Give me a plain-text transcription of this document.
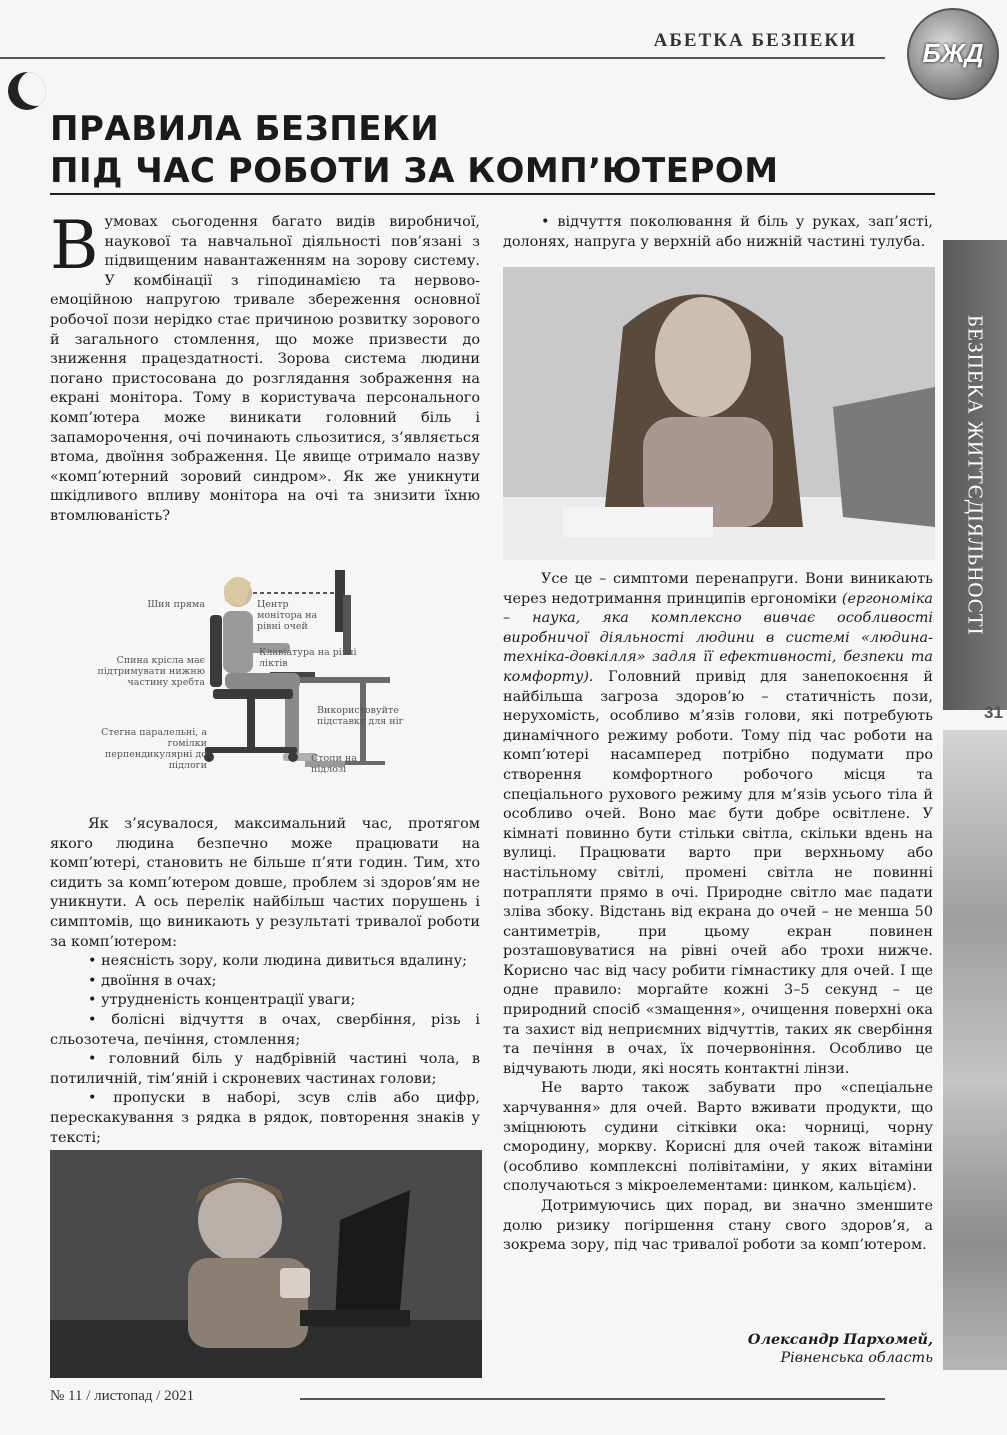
АБЕТКА БЕЗПЕКИ	БЖД
БЕЗПЕКА ЖИТТЄДІЯЛЬНОСТІ
31
ПРАВИЛА БЕЗПЕКИ
ПІД ЧАС РОБОТИ ЗА КОМП’ЮТЕРОМ
В умовах сьогодення багато видів виробничої, наукової та навчальної діяльності пов’язані з підвищеним навантаженням на зорову систему. У комбінації з гіподинамією та нервово-емоційною напругою тривале збереження основної робочої пози нерідко стає причиною розвитку зорового й загального стомлення, що може призвести до зниження працездатності. Зорова система людини погано пристосована до розглядання зображення на екрані монітора. Тому в користувача персонального комп’ютера може виникати головний біль і запаморочення, очі починають сльозитися, з’являється втома, двоїння зображення. Це явище отримало назву «комп’ютерний зоровий синдром». Як же уникнути шкідливого впливу монітора на очі та знизити їхню втомлюваність?
Шия пряма	Центр монітора на рівні очей
Клавіатура на рівні ліктів
Спина крісла має підтримувати нижню частину хребта
Використовуйте підставку для ніг
Стегна паралельні, а гомілки перпендикулярні до підлоги
Стопи на підлозі

Як з’ясувалося, максимальний час, протягом якого людина безпечно може працювати на комп’ютері, становить не більше п’яти годин. Тим, хто сидить за комп’ютером довше, проблем зі здоров’ям не уникнути. А ось перелік найбільш частих порушень і симптомів, що виникають у результаті тривалої роботи за комп’ютером:

• неясність зору, коли людина дивиться вдалину;

• двоїння в очах;

• утрудненість концентрації уваги;

• болісні відчуття в очах, свербіння, різь і сльозотеча, печіння, стомлення;

• головний біль у надбрівній частині чола, в потиличній, тім’яній і скроневих частинах голови;

• пропуски в наборі, зсув слів або цифр, перескакування з рядка в рядок, повторення знаків у тексті;

• відчуття поколювання й біль у руках, зап’ясті, долонях, напруга у верхній або нижній частині тулуба.

Усе це – симптоми перенапруги. Вони виникають через недотримання принципів ергономіки (ергономіка – наука, яка комплексно вивчає особливості виробничої діяльності людини в системі «людина-техніка-довкілля» задля її ефективності, безпеки та комфорту). Головний привід для занепокоєння й найбільша загроза здоров’ю – статичність пози, нерухомість, особливо м’язів голови, які потребують динамічного режиму роботи. Тому під час роботи на комп’ютері насамперед потрібно подумати про створення комфортного робочого місця та спеціального рухового режиму для м’язів усього тіла й особливо очей. Воно має бути добре освітлене. У кімнаті повинно бути стільки світла, скільки вдень на вулиці. Працювати варто при верхньому або настільному світлі, промені світла не повинні потрапляти прямо в очі. Природне світло має падати зліва збоку. Відстань від екрана до очей – не менша 50 сантиметрів, при цьому екран повинен розташовуватися на рівні очей або трохи нижче. Корисно час від часу робити гімнастику для очей. І ще одне правило: моргайте кожні 3–5 секунд – це природний спосіб «змащення», очищення поверхні ока та захист від неприємних відчуттів, таких як свербіння та печіння в очах, їх почервоніння. Особливо це відчувають люди, які носять контактні лінзи.

Не варто також забувати про «спеціальне харчування» для очей. Варто вживати продукти, що зміцнюють судини сітківки ока: чорниці, чорну смородину, моркву. Корисні для очей також вітаміни (особливо комплексні полівітаміни, у яких вітаміни сполучаються з мікроелементами: цинком, кальцієм).

Дотримуючись цих порад, ви значно зменшите долю ризику погіршення стану свого здоров’я, а зокрема зору, під час тривалої роботи за комп’ютером.

Олександр Пархомей,
Рівненська область
№ 11 / листопад / 2021
